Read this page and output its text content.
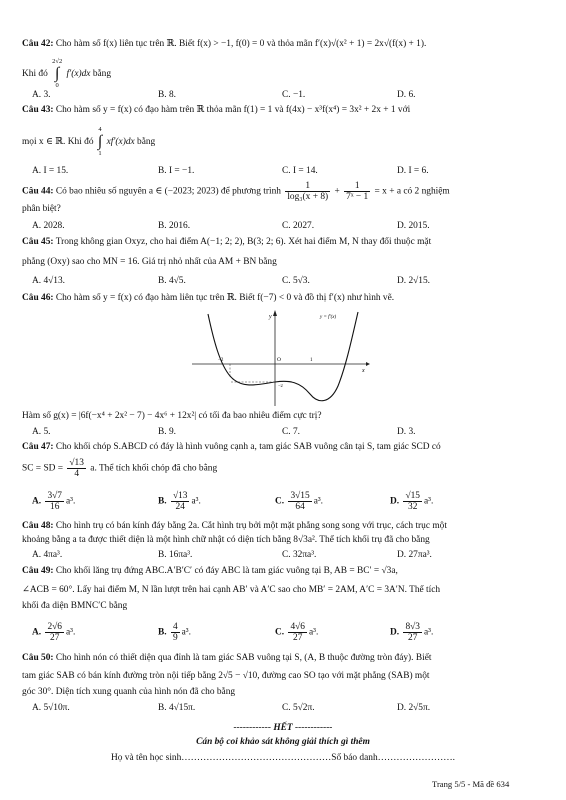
Câu 42: Cho hàm số f(x) liên tục trên ℝ. Biết f(x) > −1, f(0) = 0 và thỏa mãn f′(x)√(x² + 1) = 2x√(f(x) + 1).
Khi đó
2√2
∫
0
f′(x)dx bằng
A. 3.	B. 8.	C. −1.	D. 6.
Câu 43: Cho hàm số y = f(x) có đạo hàm trên ℝ thỏa mãn f(1) = 1 và f(4x) − x³f(x⁴) = 3x² + 2x + 1 với
mọi x ∈ ℝ. Khi đó
4
∫
1
xf′(x)dx bằng
A. I = 15.	B. I = −1.	C. I = 14.	D. I = 6.
Câu 44: Có bao nhiêu số nguyên a ∈ (−2023; 2023) để phương trình $\frac{1}{\text{log₃(x + 8)}} + \frac{1}{\text{7ˣ − 1}} = x + a$ có 2 nghiệm
phân biệt?
A. 2028.	B. 2016.	C. 2027.	D. 2015.
Câu 45: Trong không gian Oxyz, cho hai điểm A(−1; 2; 2), B(3; 2; 6). Xét hai điểm M, N thay đổi thuộc mặt
phẳng (Oxy) sao cho MN = 16. Giá trị nhỏ nhất của AM + BN bằng
A. 4√13.	B. 4√5.	C. 5√3.	D. 2√15.
Câu 46: Cho hàm số y = f(x) có đạo hàm liên tục trên ℝ. Biết f(−7) < 0 và đồ thị f′(x) như hình vẽ.
y	y = f′(x)
x
O
−2	1
−2
Hàm số g(x) = |6f(−x⁴ + 2x² − 7) − 4x⁶ + 12x²| có tối đa bao nhiêu điểm cực trị?
A. 5.	B. 9.	C. 7.	D. 3.
Câu 47: Cho khối chóp S.ABCD có đáy là hình vuông cạnh a, tam giác SAB vuông cân tại S, tam giác SCD có
SC = SD = $\frac{√13}{4} a$. Thể tích khối chóp đã cho bằng
A. $\frac{3√7}{16} a^3$.	B. $\frac{√13}{24} a^3$.	C. $\frac{3√15}{64} a^3$.	D. $\frac{√15}{32} a^3$.
Câu 48: Cho hình trụ có bán kính đáy bằng 2a. Cắt hình trụ bởi một mặt phẳng song song với trục, cách trục một
khoảng bằng a ta được thiết diện là một hình chữ nhật có diện tích bằng 8√3a². Thể tích khối trụ đã cho bằng
A. 4πa³.	B. 16πa³.	C. 32πa³.	D. 27πa³.
Câu 49: Cho khối lăng trụ đứng ABC.A′B′C′ có đáy ABC là tam giác vuông tại B, AB = BC′ = √3a,
∠ACB = 60°. Lấy hai điểm M, N lần lượt trên hai cạnh AB′ và A′C sao cho MB′ = 2AM, A′C = 3A′N. Thể tích
khối đa diện BMNC′C bằng
A. $\frac{2√6}{27} a^3$.	B. $\frac{4}{9} a^3$.	C. $\frac{4√6}{27} a^3$.	D. $\frac{8√3}{27} a^3$.
Câu 50: Cho hình nón có thiết diện qua đỉnh là tam giác SAB vuông tại S, (A, B thuộc đường tròn đáy). Biết
tam giác SAB có bán kính đường tròn nội tiếp bằng 2√5 − √10, đường cao SO tạo với mặt phẳng (SAB) một
góc 30°. Diện tích xung quanh của hình nón đã cho bằng
A. 5√10π.	B. 4√15π.	C. 5√2π.	D. 2√5π.
------------ HẾT ------------
Cán bộ coi khảo sát không giải thích gì thêm
Họ và tên học sinh…………………………………………Số báo danh…………………….
Trang 5/5 - Mã đề 634
